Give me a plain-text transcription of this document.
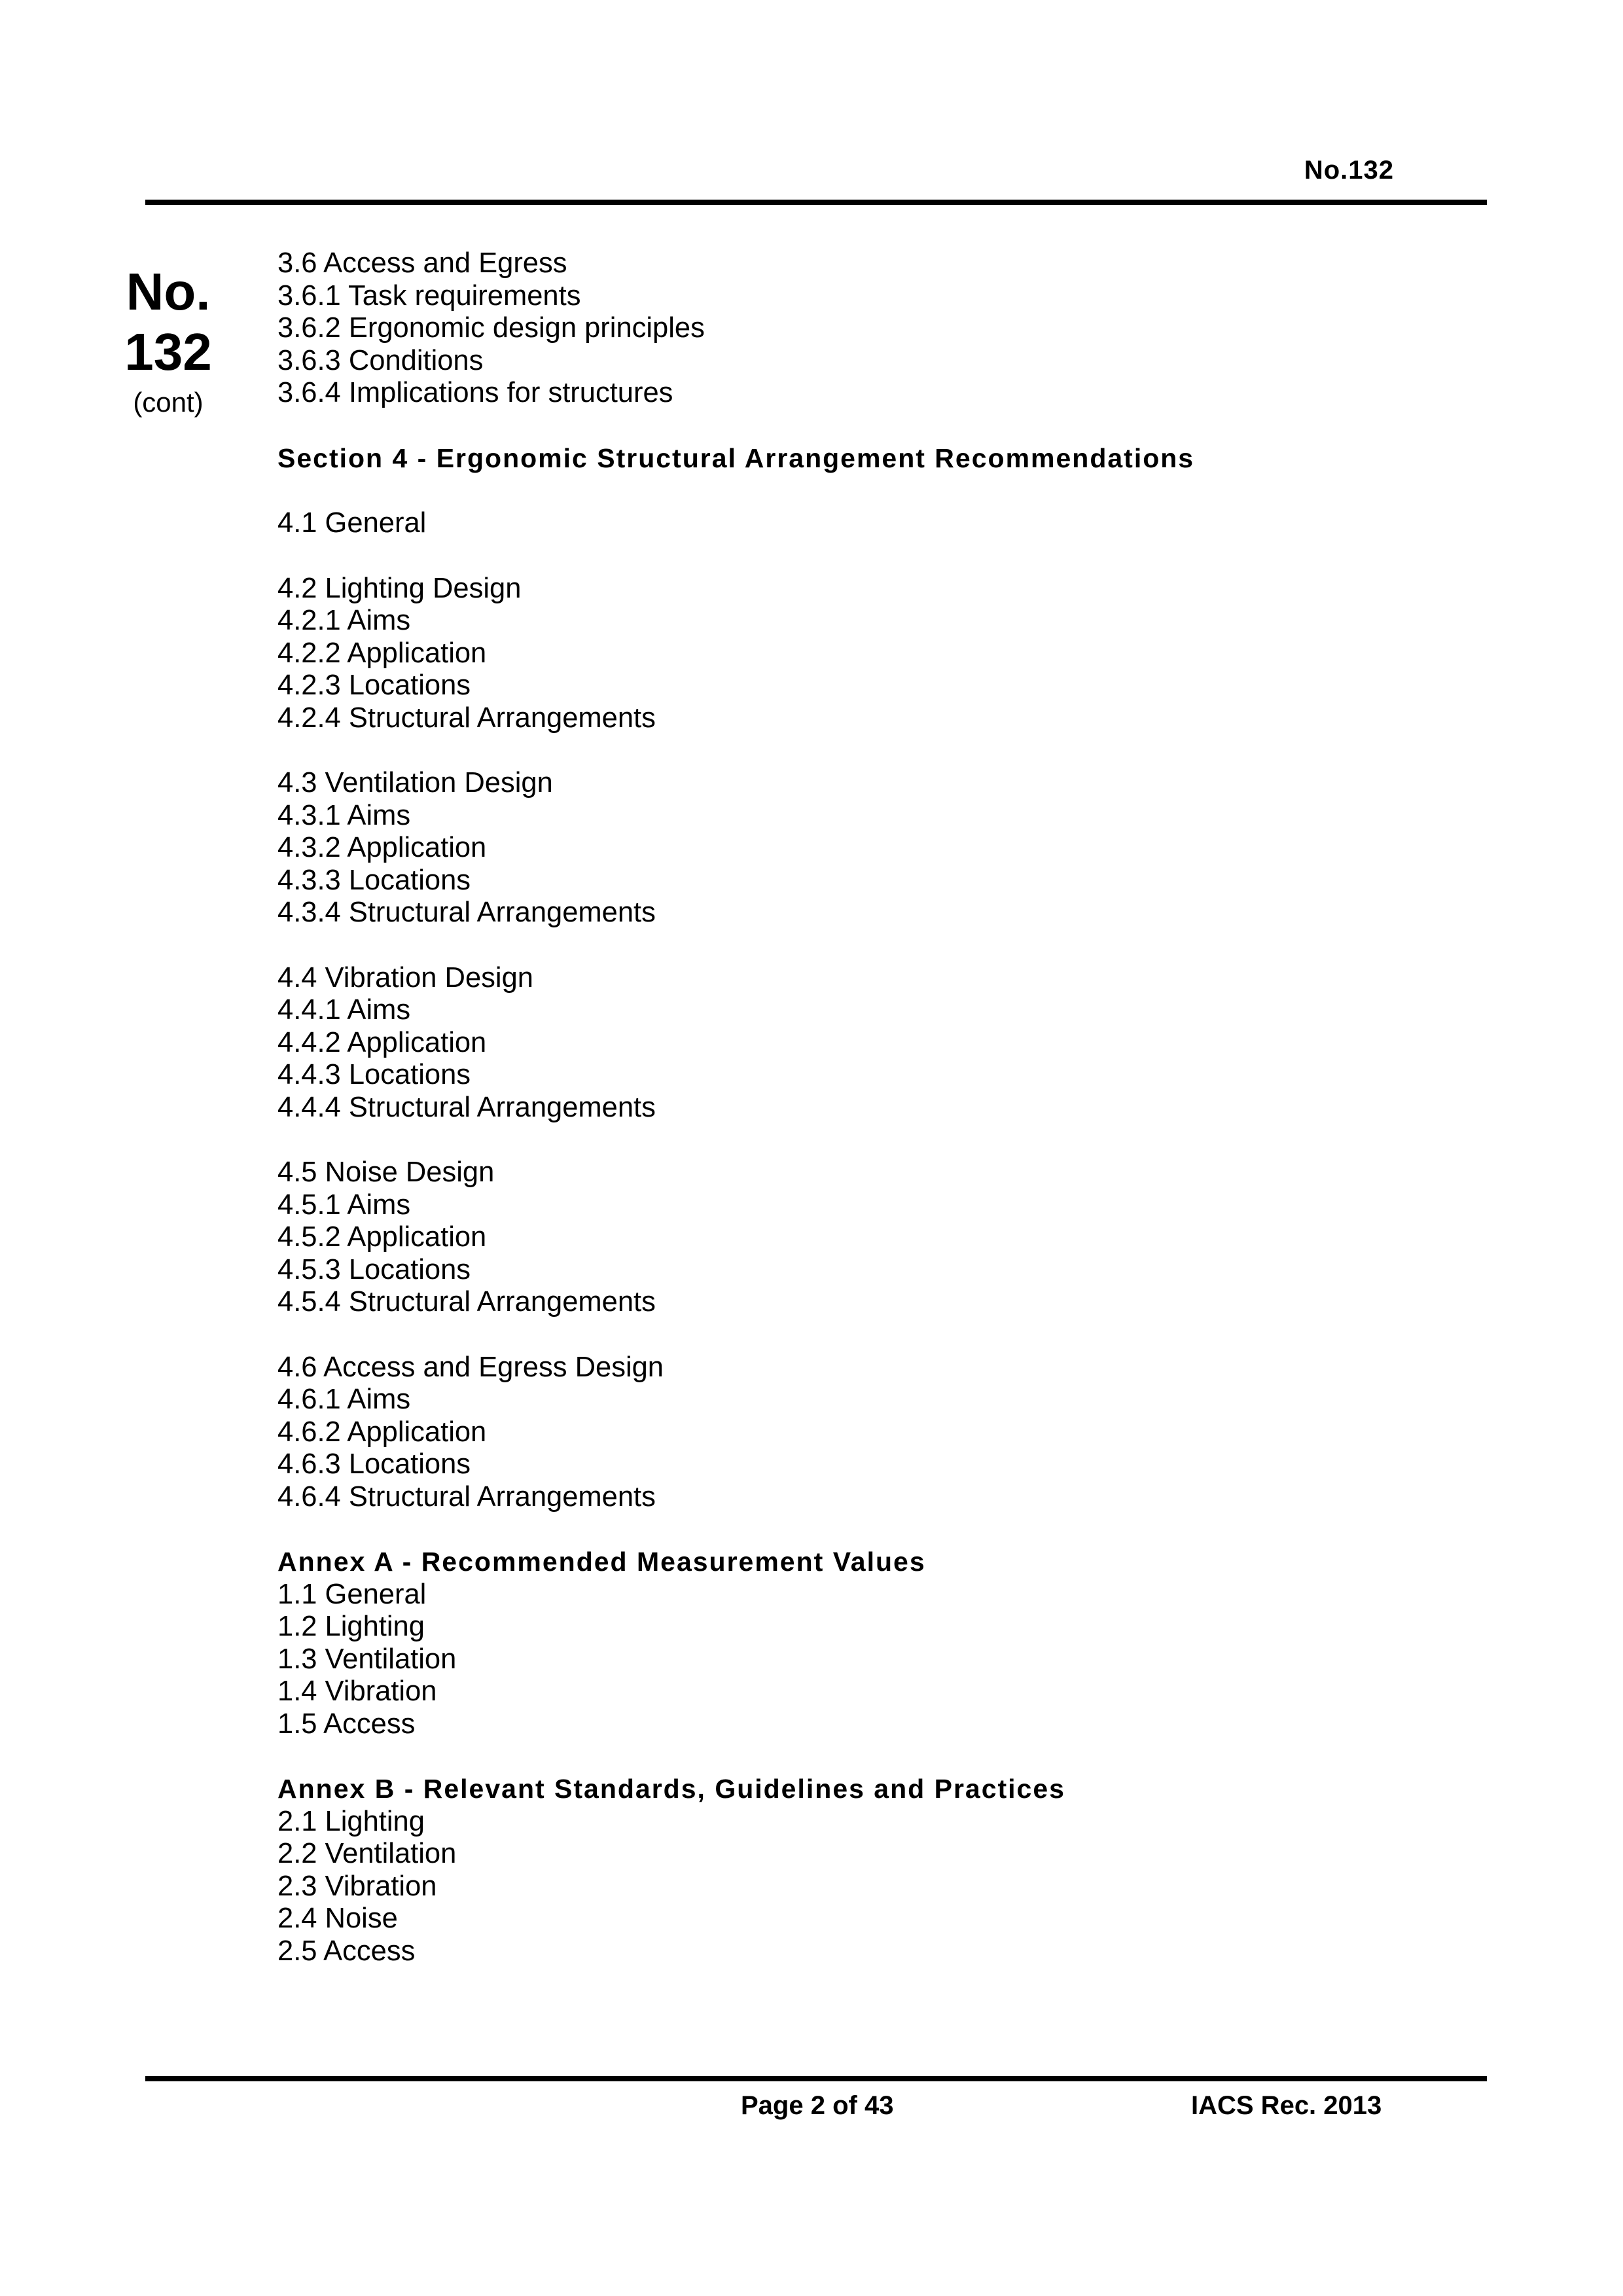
No.132
No.
132
(cont)
3.6 Access and Egress
3.6.1 Task requirements
3.6.2 Ergonomic design principles
3.6.3 Conditions
3.6.4 Implications for structures
Section 4 - Ergonomic Structural Arrangement Recommendations
4.1 General
4.2 Lighting Design
4.2.1 Aims
4.2.2 Application
4.2.3 Locations
4.2.4 Structural Arrangements
4.3 Ventilation Design
4.3.1 Aims
4.3.2 Application
4.3.3 Locations
4.3.4 Structural Arrangements
4.4 Vibration Design
4.4.1 Aims
4.4.2 Application
4.4.3 Locations
4.4.4 Structural Arrangements
4.5 Noise Design
4.5.1 Aims
4.5.2 Application
4.5.3 Locations
4.5.4 Structural Arrangements
4.6 Access and Egress Design
4.6.1 Aims
4.6.2 Application
4.6.3 Locations
4.6.4 Structural Arrangements
Annex A - Recommended Measurement Values
1.1 General
1.2 Lighting
1.3 Ventilation
1.4 Vibration
1.5 Access
Annex B - Relevant Standards, Guidelines and Practices
2.1 Lighting
2.2 Ventilation
2.3 Vibration
2.4 Noise
2.5 Access
Page 2 of 43	IACS Rec. 2013
